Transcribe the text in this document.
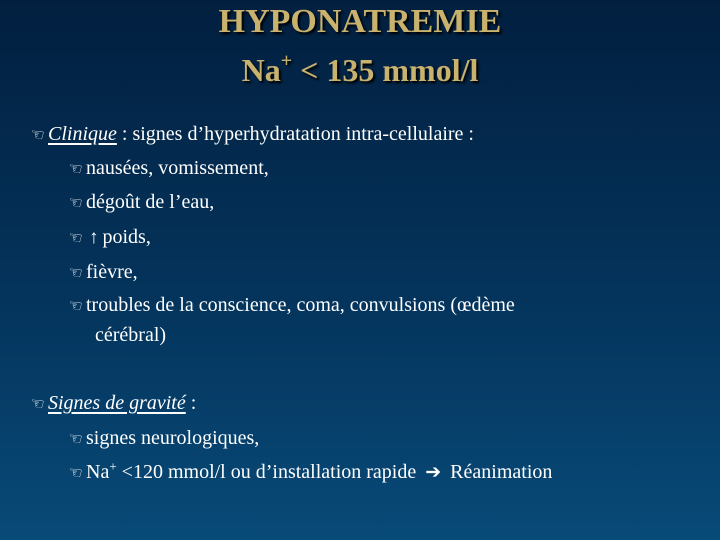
HYPONATREMIE
Na+ < 135 mmol/l
☞ Clinique : signes d’hyperhydratation intra-cellulaire :
☞ nausées, vomissement,
☞ dégoût de l’eau,
☞ ↑ poids,
☞ fièvre,
☞ troubles de la conscience, coma, convulsions (œdème
cérébral)
☞ Signes de gravité :
☞ signes neurologiques,
☞ Na+ <120 mmol/l ou d’installation rapide ➔ Réanimation
